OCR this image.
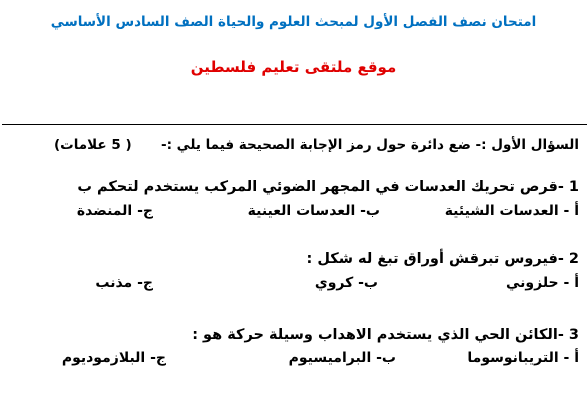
امتحان نصف الفصل الأول لمبحث العلوم والحياة الصف السادس الأساسي
موقع ملتقى تعليم فلسطين
السؤال الأول :- ضع دائرة حول رمز الإجابة الصحيحة فيما يلي :-
( 5 علامات)
1 -قرص تحريك العدسات في المجهر الضوئي المركب يستخدم لتحكم ب
أ - العدسات الشيئية
ب- العدسات العينية
ج- المنضدة
2 -فيروس تبرقش أوراق تبغ له شكل :
أ - حلزوني
ب- كروي
ج- مذنب
3 -الكائن الحي الذي يستخدم الاهداب وسيلة حركة هو :
أ - التريبانوسوما
ب- البراميسيوم
ج- البلازموديوم
